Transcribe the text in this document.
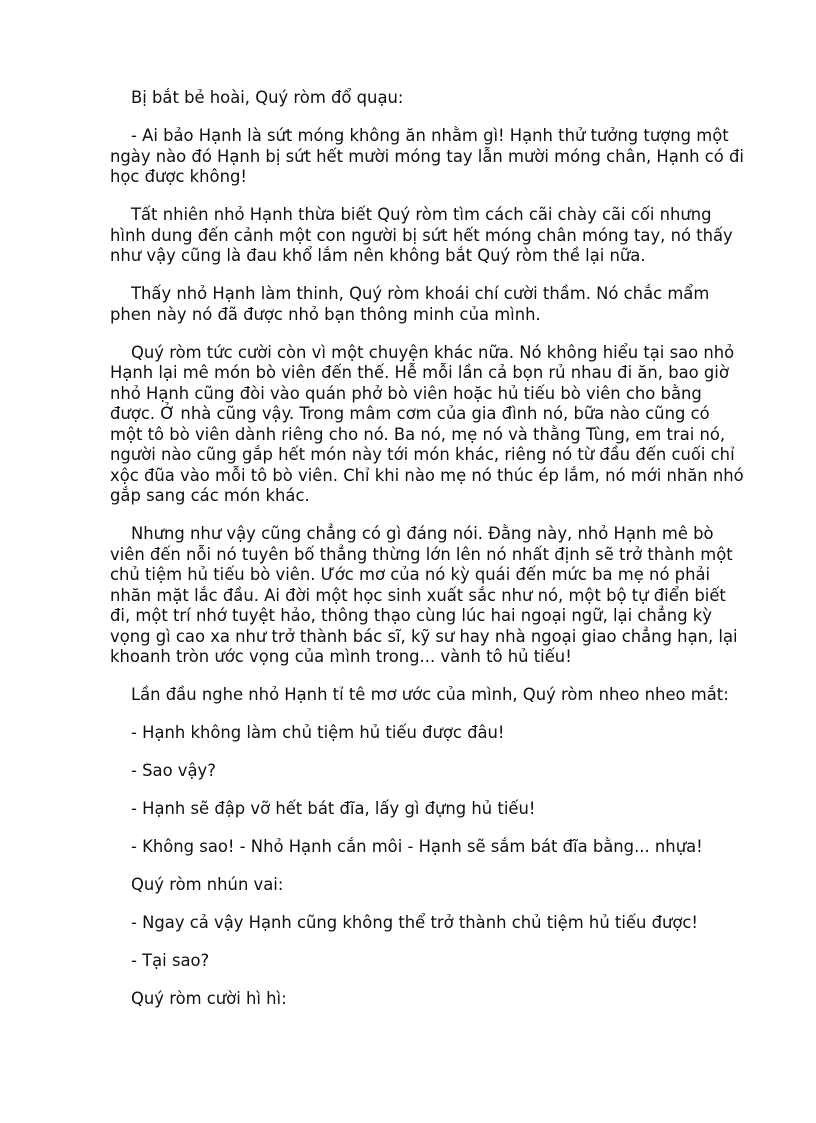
Bị bắt bẻ hoài, Quý ròm đổ quạu:

- Ai bảo Hạnh là sứt móng không ăn nhằm gì! Hạnh thử tưởng tượng một ngày nào đó Hạnh bị sứt hết mười móng tay lẫn mười móng chân, Hạnh có đi học được không!

Tất nhiên nhỏ Hạnh thừa biết Quý ròm tìm cách cãi chày cãi cối nhưng hình dung đến cảnh một con người bị sứt hết móng chân móng tay, nó thấy như vậy cũng là đau khổ lắm nên không bắt Quý ròm thề lại nữa.

Thấy nhỏ Hạnh làm thinh, Quý ròm khoái chí cười thầm. Nó chắc mẩm phen này nó đã được nhỏ bạn thông minh của mình.

Quý ròm tức cười còn vì một chuyện khác nữa. Nó không hiểu tại sao nhỏ Hạnh lại mê món bò viên đến thế. Hễ mỗi lần cả bọn rủ nhau đi ăn, bao giờ nhỏ Hạnh cũng đòi vào quán phở bò viên hoặc hủ tiếu bò viên cho bằng được. Ở nhà cũng vậy. Trong mâm cơm của gia đình nó, bữa nào cũng có một tô bò viên dành riêng cho nó. Ba nó, mẹ nó và thằng Tùng, em trai nó, người nào cũng gắp hết món này tới món khác, riêng nó từ đầu đến cuối chỉ xộc đũa vào mỗi tô bò viên. Chỉ khi nào mẹ nó thúc ép lắm, nó mới nhăn nhó gắp sang các món khác.

Nhưng như vậy cũng chẳng có gì đáng nói. Đằng này, nhỏ Hạnh mê bò viên đến nỗi nó tuyên bố thẳng thừng lớn lên nó nhất định sẽ trở thành một chủ tiệm hủ tiếu bò viên. Ước mơ của nó kỳ quái đến mức ba mẹ nó phải nhăn mặt lắc đầu. Ai đời một học sinh xuất sắc như nó, một bộ tự điển biết đi, một trí nhớ tuyệt hảo, thông thạo cùng lúc hai ngoại ngữ, lại chẳng kỳ vọng gì cao xa như trở thành bác sĩ, kỹ sư hay nhà ngoại giao chẳng hạn, lại khoanh tròn ước vọng của mình trong... vành tô hủ tiếu!

Lần đầu nghe nhỏ Hạnh tỉ tê mơ ước của mình, Quý ròm nheo nheo mắt:

- Hạnh không làm chủ tiệm hủ tiếu được đâu!

- Sao vậy?

- Hạnh sẽ đập vỡ hết bát đĩa, lấy gì đựng hủ tiếu!

- Không sao! - Nhỏ Hạnh cắn môi - Hạnh sẽ sắm bát đĩa bằng... nhựa!

Quý ròm nhún vai:

- Ngay cả vậy Hạnh cũng không thể trở thành chủ tiệm hủ tiếu được!

- Tại sao?

Quý ròm cười hì hì:
